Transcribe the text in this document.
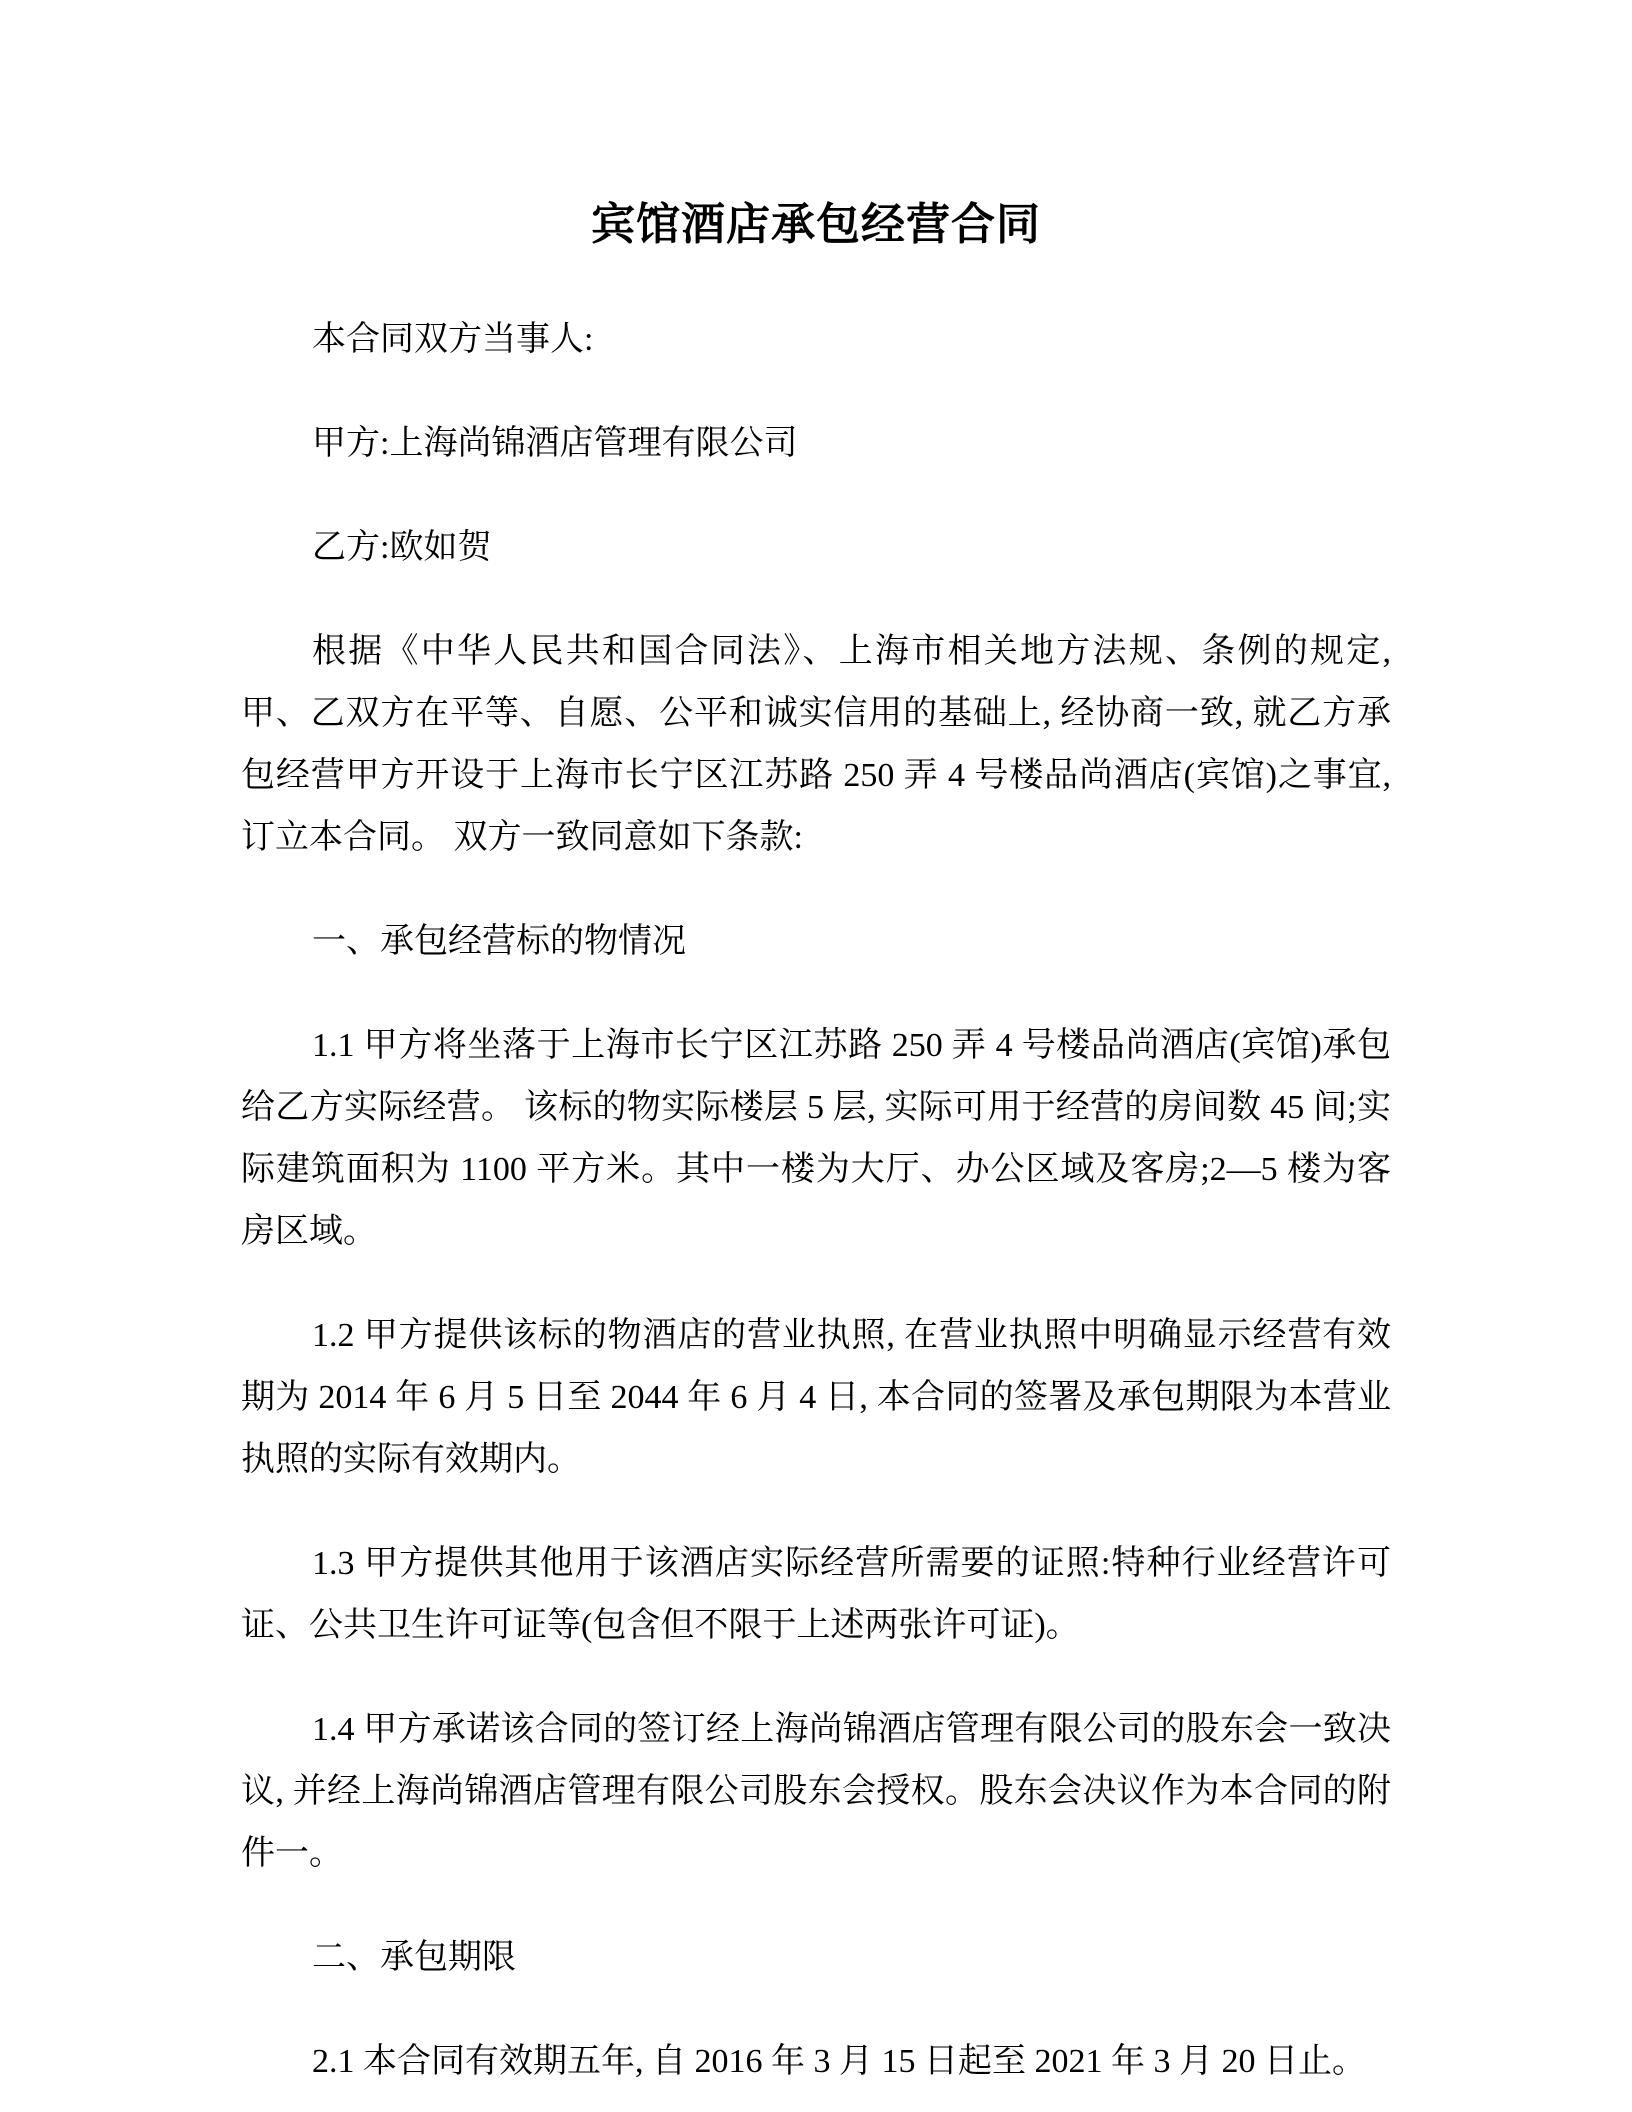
宾馆酒店承包经营合同

本合同双方当事人:

甲方:上海尚锦酒店管理有限公司

乙方:欧如贺

根据《中华人民共和国合同法》、上海市相关地方法规、条例的规定, 甲、乙双方在平等、自愿、公平和诚实信用的基础上, 经协商一致, 就乙方承包经营甲方开设于上海市长宁区江苏路 250 弄 4 号楼品尚酒店(宾馆)之事宜, 订立本合同。 双方一致同意如下条款:

一、承包经营标的物情况

1.1 甲方将坐落于上海市长宁区江苏路 250 弄 4 号楼品尚酒店(宾馆)承包给乙方实际经营。 该标的物实际楼层 5 层, 实际可用于经营的房间数 45 间;实际建筑面积为 1100 平方米。其中一楼为大厅、办公区域及客房;2—5 楼为客房区域。

1.2 甲方提供该标的物酒店的营业执照, 在营业执照中明确显示经营有效期为 2014 年 6 月 5 日至 2044 年 6 月 4 日, 本合同的签署及承包期限为本营业执照的实际有效期内。

1.3 甲方提供其他用于该酒店实际经营所需要的证照:特种行业经营许可证、公共卫生许可证等(包含但不限于上述两张许可证)。

1.4 甲方承诺该合同的签订经上海尚锦酒店管理有限公司的股东会一致决议, 并经上海尚锦酒店管理有限公司股东会授权。股东会决议作为本合同的附件一。

二、承包期限

2.1 本合同有效期五年, 自 2016 年 3 月 15 日起至 2021 年 3 月 20 日止。
